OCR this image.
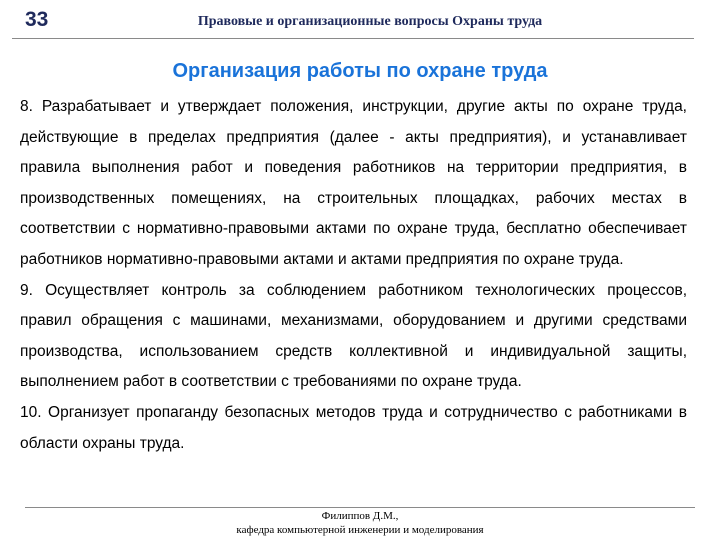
33	Правовые и организационные вопросы Охраны труда
Организация работы по охране труда

8. Разрабатывает и утверждает положения, инструкции, другие акты по охране труда, действующие в пределах предприятия (далее - акты предприятия), и устанавливает правила выполнения работ и поведения работников на территории предприятия, в производственных помещениях, на строительных площадках, рабочих местах в соответствии с нормативно-правовыми актами по охране труда, бесплатно обеспечивает работников нормативно-правовыми актами и актами предприятия по охране труда.

9. Осуществляет контроль за соблюдением работником технологических процессов, правил обращения с машинами, механизмами, оборудованием и другими средствами производства, использованием средств коллективной и индивидуальной защиты, выполнением работ в соответствии с требованиями по охране труда.

10. Организует пропаганду безопасных методов труда и сотрудничество с работниками в области охраны труда.

Филиппов Д.М.,
кафедра компьютерной инженерии и моделирования
